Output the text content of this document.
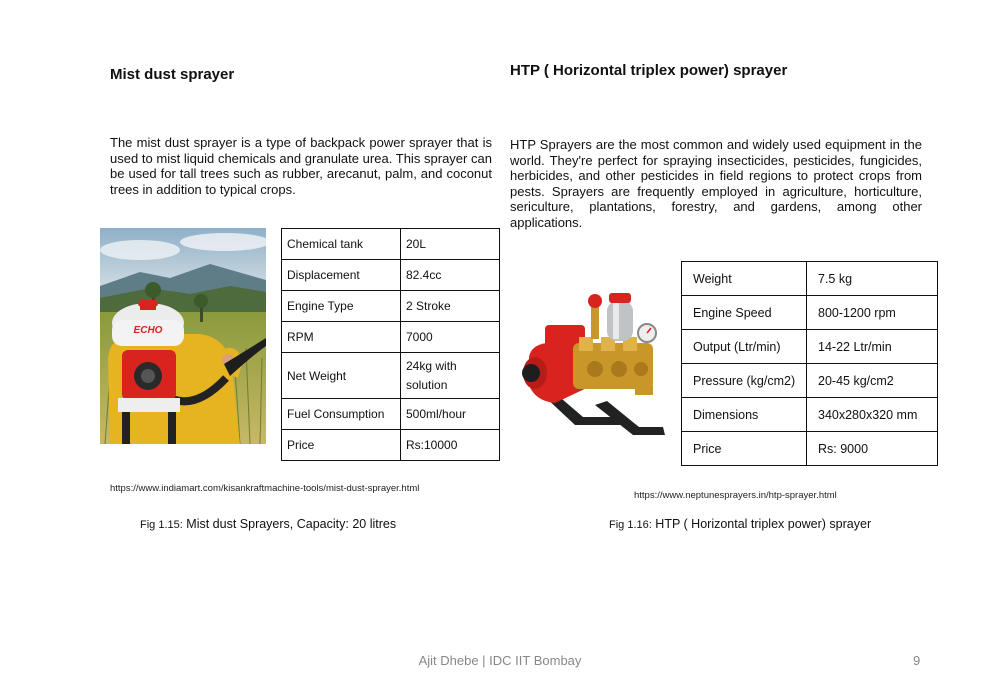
Mist dust sprayer
The mist dust sprayer is a type of backpack power sprayer that is used to mist liquid chemicals and granulate urea. This sprayer can be used for tall trees such as rubber, arecanut, palm, and coconut trees in addition to typical crops.
ECHO
Chemical tank	20L
Displacement	82.4cc
Engine Type	2 Stroke
RPM	7000
Net Weight	24kg with solution
Fuel Consumption	500ml/hour
Price	Rs:10000
https://www.indiamart.com/kisankraftmachine-tools/mist-dust-sprayer.html
Fig 1.15: Mist dust Sprayers, Capacity: 20 litres
HTP ( Horizontal triplex power) sprayer
HTP Sprayers are the most common and widely used equipment in the world. They're perfect for spraying insecticides, pesticides, fungicides, herbicides, and other pesticides in field regions to protect crops from pests. Sprayers are frequently employed in agriculture, horticulture, sericulture, plantations, forestry, and gardens, among other applications.
Weight	7.5 kg
Engine Speed	800-1200 rpm
Output (Ltr/min)	14-22 Ltr/min
Pressure (kg/cm2)	20-45 kg/cm2
Dimensions	340x280x320 mm
Price	Rs: 9000
https://www.neptunesprayers.in/htp-sprayer.html
Fig 1.16: HTP ( Horizontal triplex power) sprayer
Ajit Dhebe | IDC IIT Bombay	9
